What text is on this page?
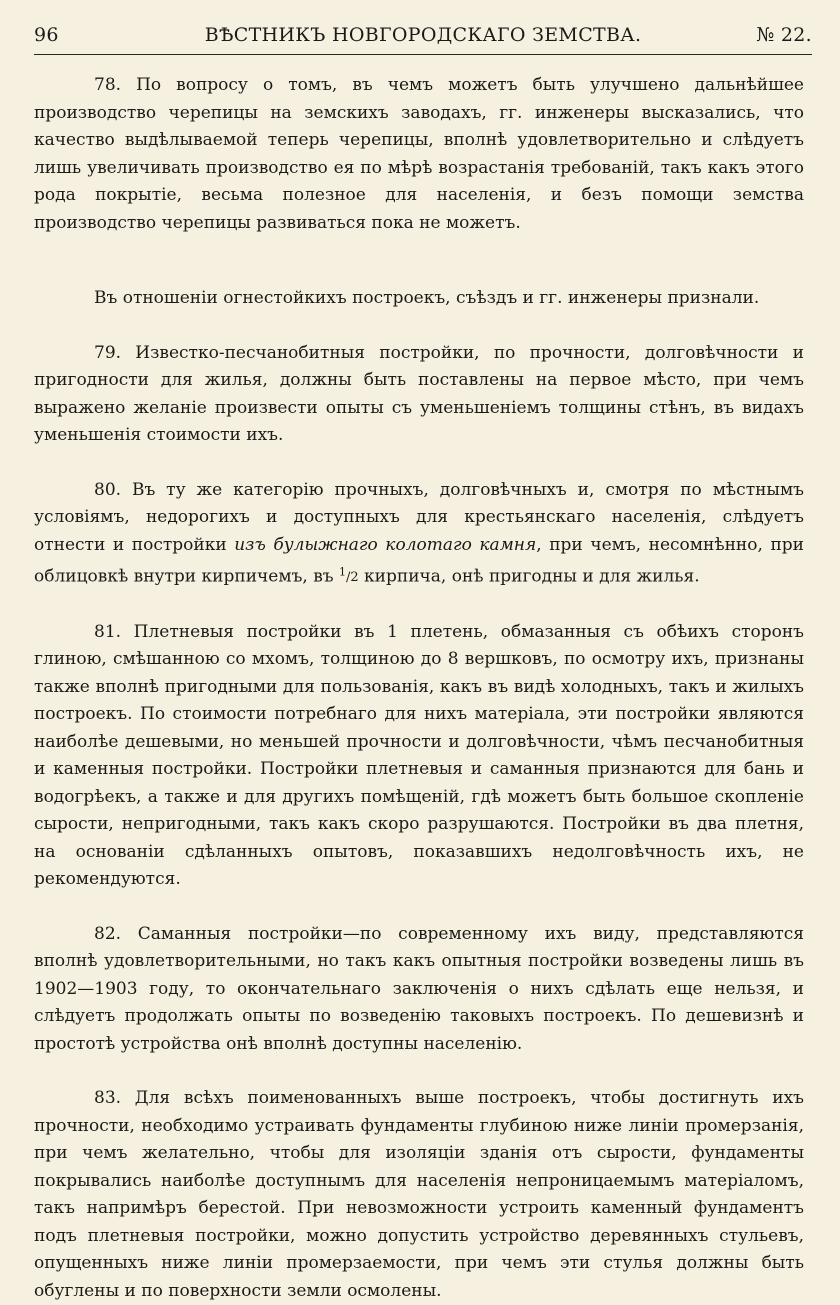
96	ВѢСТНИКЪ НОВГОРОДСКАГО ЗЕМСТВА.	№ 22.

78. По вопросу о томъ, въ чемъ можетъ быть улучшено дальнѣйшее производство черепицы на земскихъ заводахъ, гг. инженеры высказались, что качество выдѣлываемой теперь черепицы, вполнѣ удовлетворительно и слѣдуетъ лишь увеличивать производство ея по мѣрѣ возрастанія требованій, такъ какъ этого рода покрытіе, весьма полезное для населенія, и безъ помощи земства производство черепицы развиваться пока не можетъ.

Въ отношеніи огнестойкихъ построекъ, съѣздъ и гг. инженеры признали.

79. Известко-песчанобитныя постройки, по прочности, долговѣчности и пригодности для жилья, должны быть поставлены на первое мѣсто, при чемъ выражено желаніе произвести опыты съ уменьшеніемъ толщины стѣнъ, въ видахъ уменьшенія стоимости ихъ.

80. Въ ту же категорію прочныхъ, долговѣчныхъ и, смотря по мѣстнымъ условіямъ, недорогихъ и доступныхъ для крестьянскаго населенія, слѣдуетъ отнести и постройки изъ булыжнаго колотаго камня, при чемъ, несомнѣнно, при облицовкѣ внутри кирпичемъ, въ $^1$/2 кирпича, онѣ пригодны и для жилья.

81. Плетневыя постройки въ 1 плетень, обмазанныя съ обѣихъ сторонъ глиною, смѣшанною со мхомъ, толщиною до 8 вершковъ, по осмотру ихъ, признаны также вполнѣ пригодными для пользованія, какъ въ видѣ холодныхъ, такъ и жилыхъ построекъ. По стоимости потребнаго для нихъ матеріала, эти постройки являются наиболѣе дешевыми, но меньшей прочности и долговѣчности, чѣмъ песчанобитныя и каменныя постройки. Постройки плетневыя и саманныя признаются для бань и водогрѣекъ, а также и для другихъ помѣщеній, гдѣ можетъ быть большое скопленіе сырости, непригодными, такъ какъ скоро разрушаются. Постройки въ два плетня, на основаніи сдѣланныхъ опытовъ, показавшихъ недолговѣчность ихъ, не рекомендуются.

82. Саманныя постройки—по современному ихъ виду, представляются вполнѣ удовлетворительными, но такъ какъ опытныя постройки возведены лишь въ 1902—1903 году, то окончательнаго заключенія о нихъ сдѣлать еще нельзя, и слѣдуетъ продолжать опыты по возведенію таковыхъ построекъ. По дешевизнѣ и простотѣ устройства онѣ вполнѣ доступны населенію.

83. Для всѣхъ поименованныхъ выше построекъ, чтобы достигнуть ихъ прочности, необходимо устраивать фундаменты глубиною ниже линіи промерзанія, при чемъ желательно, чтобы для изоляціи зданія отъ сырости, фундаменты покрывались наиболѣе доступнымъ для населенія непроницаемымъ матеріаломъ, такъ напримѣръ берестой. При невозможности устроить каменный фундаментъ подъ плетневыя постройки, можно допустить устройство деревянныхъ стульевъ, опущенныхъ ниже линіи промерзаемости, при чемъ эти стулья должны быть обуглены и по поверхности земли осмолены.
